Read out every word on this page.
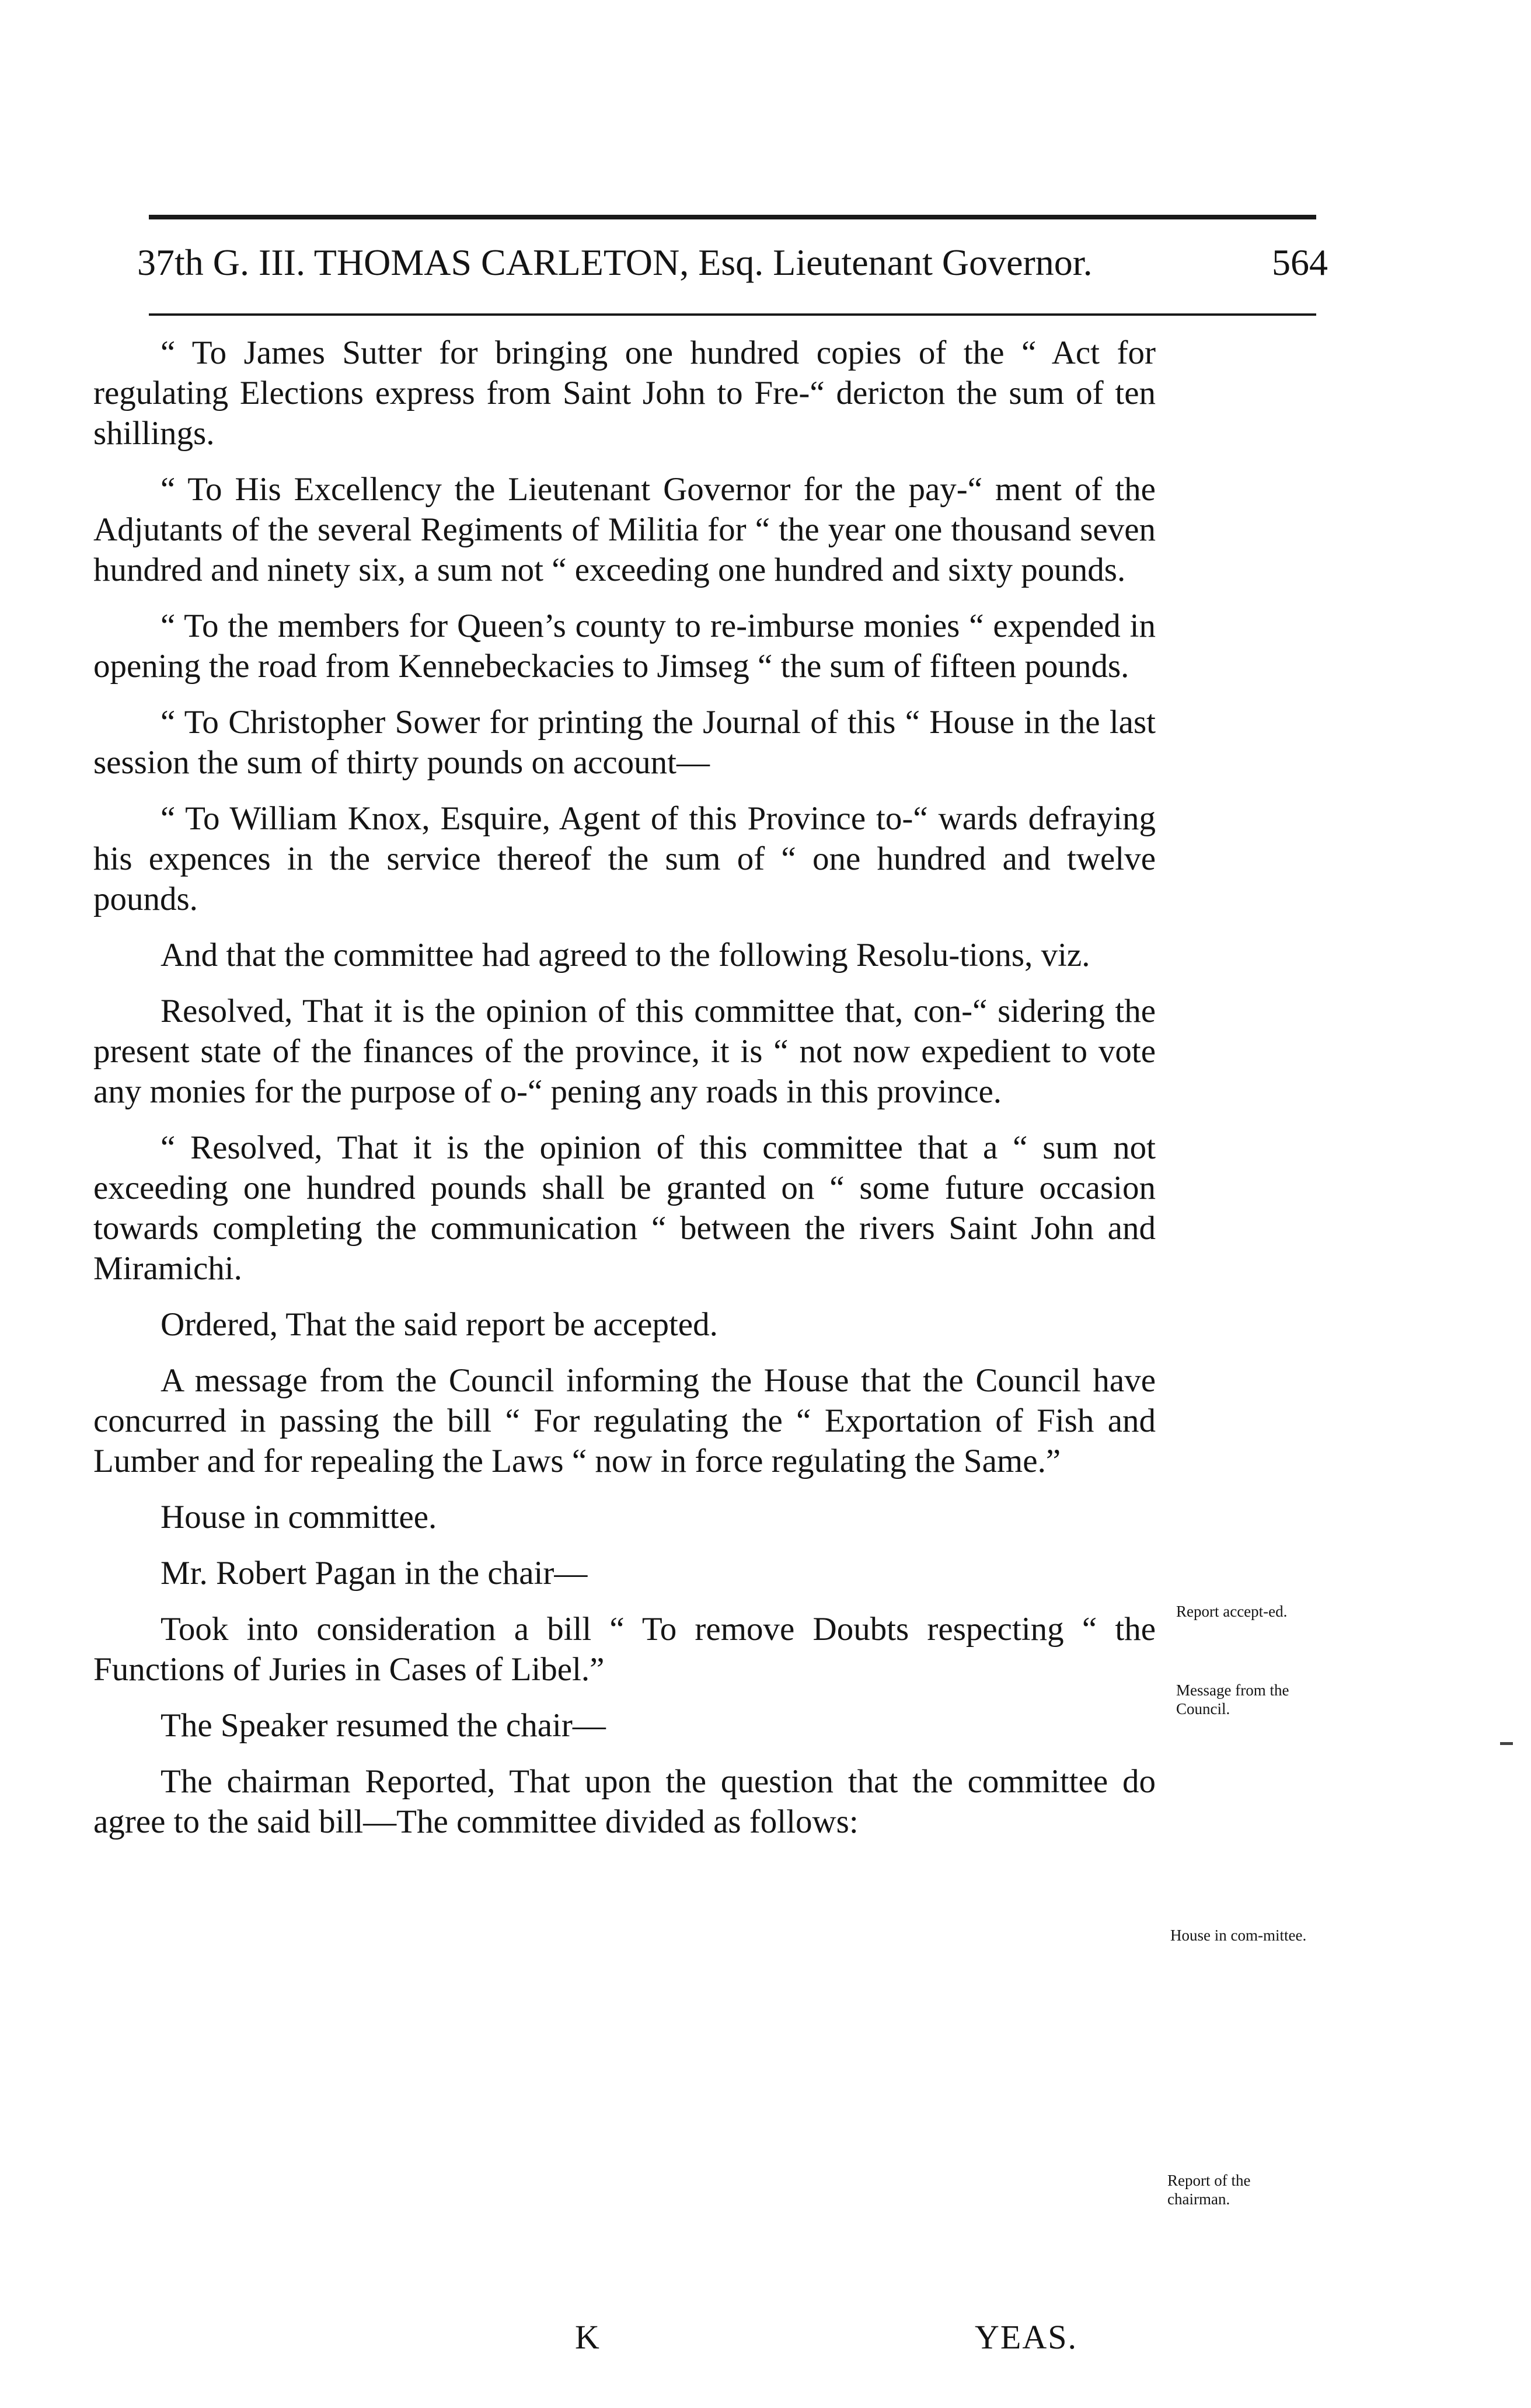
37th G. III. THOMAS CARLETON, Esq. Lieutenant Governor.	564

“ To James Sutter for bringing one hundred copies of the “ Act for regulating Elections express from Saint John to Fre-“ dericton the sum of ten shillings.

“ To His Excellency the Lieutenant Governor for the pay-“ ment of the Adjutants of the several Regiments of Militia for “ the year one thousand seven hundred and ninety six, a sum not “ exceeding one hundred and sixty pounds.

“ To the members for Queen’s county to re-imburse monies “ expended in opening the road from Kennebeckacies to Jimseg “ the sum of fifteen pounds.

“ To Christopher Sower for printing the Journal of this “ House in the last session the sum of thirty pounds on account—

“ To William Knox, Esquire, Agent of this Province to-“ wards defraying his expences in the service thereof the sum of “ one hundred and twelve pounds.

And that the committee had agreed to the following Resolu-tions, viz.

Resolved, That it is the opinion of this committee that, con-“ sidering the present state of the finances of the province, it is “ not now expedient to vote any monies for the purpose of o-“ pening any roads in this province.

“ Resolved, That it is the opinion of this committee that a “ sum not exceeding one hundred pounds shall be granted on “ some future occasion towards completing the communication “ between the rivers Saint John and Miramichi.

Ordered, That the said report be accepted.

A message from the Council informing the House that the Council have concurred in passing the bill “ For regulating the “ Exportation of Fish and Lumber and for repealing the Laws “ now in force regulating the Same.”

House in committee.

Mr. Robert Pagan in the chair—

Took into consideration a bill “ To remove Doubts respecting “ the Functions of Juries in Cases of Libel.”

The Speaker resumed the chair—

The chairman Reported, That upon the question that the committee do agree to the said bill—The committee divided as follows:

Report accept-ed.
Message from the Council.
House in com-mittee.
Report of the chairman.
K	YEAS.
